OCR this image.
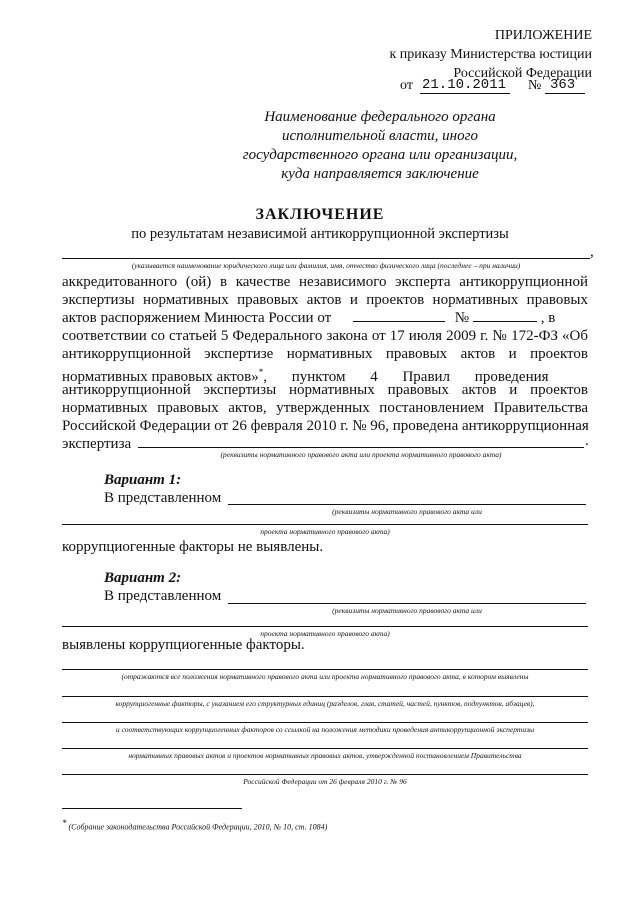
ПРИЛОЖЕНИЕ
к приказу Министерства юстиции
Российской Федерации
от 21.10.2011 № 363
Наименование федерального органа
исполнительной власти, иного
государственного органа или организации,
куда направляется заключение
ЗАКЛЮЧЕНИЕ
по результатам независимой антикоррупционной экспертизы
,
(указывается наименование юридического лица или фамилия, имя, отчество физического лица (последнее – при наличии)
аккредитованного (ой) в качестве независимого эксперта антикоррупционной
экспертизы нормативных правовых актов и проектов нормативных правовых
актов распоряжением Минюста России от	№	, в
соответствии со статьей 5 Федерального закона от 17 июля 2009 г. № 172-ФЗ «Об
антикоррупционной экспертизе нормативных правовых актов и проектов
нормативных правовых актов»*, пунктом 4 Правил проведения
антикоррупционной экспертизы нормативных правовых актов и проектов
нормативных правовых актов, утвержденных постановлением Правительства
Российской Федерации от 26 февраля 2010 г. № 96, проведена антикоррупционная
экспертиза	.
(реквизиты нормативного правового акта или проекта нормативного правового акта)
Вариант 1:
В представленном
(реквизиты нормативного правового акта или
проекта нормативного правового акта)
коррупциогенные факторы не выявлены.
Вариант 2:
В представленном
(реквизиты нормативного правового акта или
проекта нормативного правового акта)
выявлены коррупциогенные факторы.
(отражаются все положения нормативного правового акта или проекта нормативного правового акта, в котором выявлены
коррупциогенные факторы, с указанием его структурных единиц (разделов, глав, статей, частей, пунктов, подпунктов, абзацев),
и соответствующих коррупциогенных факторов со ссылкой на положения методики проведения антикоррупционной экспертизы
нормативных правовых актов и проектов нормативных правовых актов, утвержденной постановлением Правительства
Российской Федерации от 26 февраля 2010 г. № 96
* (Собрание законодательства Российской Федерации, 2010, № 10, ст. 1084)
